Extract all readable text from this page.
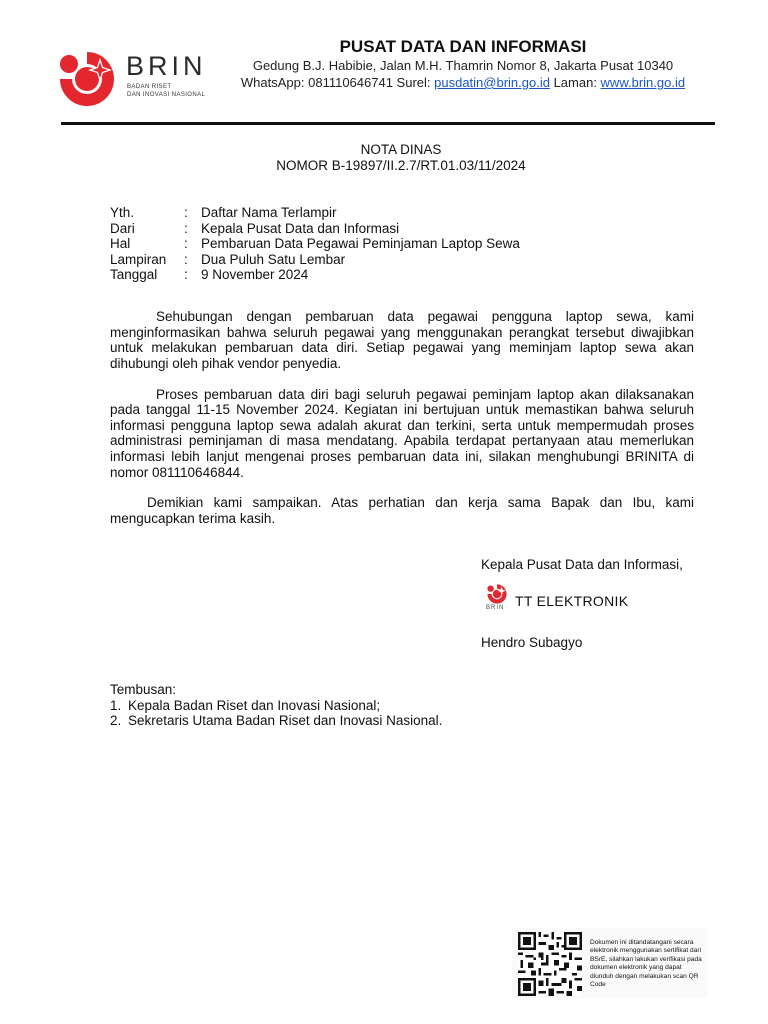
BRIN
BADAN RISET
DAN INOVASI NASIONAL
PUSAT DATA DAN INFORMASI
Gedung B.J. Habibie, Jalan M.H. Thamrin Nomor 8, Jakarta Pusat 10340
WhatsApp: 081110646741 Surel: pusdatin@brin.go.id Laman: www.brin.go.id
NOTA DINAS
NOMOR B-19897/II.2.7/RT.01.03/11/2024
Yth.	: Daftar Nama Terlampir
Dari	: Kepala Pusat Data dan Informasi
Hal	: Pembaruan Data Pegawai Peminjaman Laptop Sewa
Lampiran	: Dua Puluh Satu Lembar
Tanggal	: 9 November 2024

Sehubungan dengan pembaruan data pegawai pengguna laptop sewa, kami menginformasikan bahwa seluruh pegawai yang menggunakan perangkat tersebut diwajibkan untuk melakukan pembaruan data diri. Setiap pegawai yang meminjam laptop sewa akan dihubungi oleh pihak vendor penyedia.

Proses pembaruan data diri bagi seluruh pegawai peminjam laptop akan dilaksanakan pada tanggal 11-15 November 2024. Kegiatan ini bertujuan untuk memastikan bahwa seluruh informasi pengguna laptop sewa adalah akurat dan terkini, serta untuk mempermudah proses administrasi peminjaman di masa mendatang. Apabila terdapat pertanyaan atau memerlukan informasi lebih lanjut mengenai proses pembaruan data ini, silakan menghubungi BRINITA di nomor 081110646844.

Demikian kami sampaikan. Atas perhatian dan kerja sama Bapak dan Ibu, kami mengucapkan terima kasih.

Kepala Pusat Data dan Informasi,
BRIN TT ELEKTRONIK
Hendro Subagyo
Tembusan:
1. Kepala Badan Riset dan Inovasi Nasional;
2. Sekretaris Utama Badan Riset dan Inovasi Nasional.
Dokumen ini ditandatangani secara elektronik menggunakan sertifikat dari BSrE, silahkan lakukan verifikasi pada dokumen elektronik yang dapat diunduh dengan melakukan scan QR Code
